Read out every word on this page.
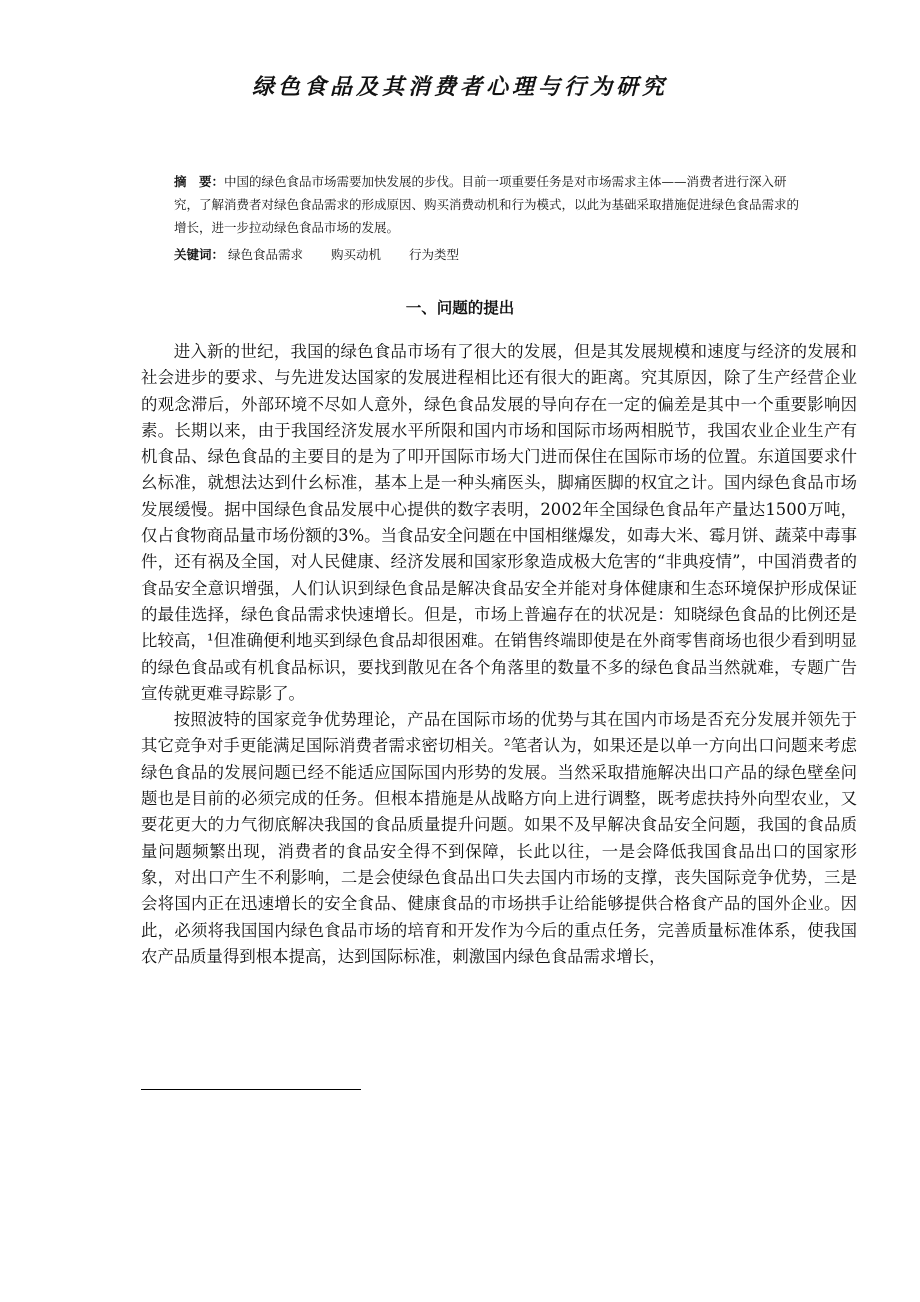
绿色食品及其消费者心理与行为研究
摘　要：中国的绿色食品市场需要加快发展的步伐。目前一项重要任务是对市场需求主体——消费者进行深入研究，了解消费者对绿色食品需求的形成原因、购买消费动机和行为模式，以此为基础采取措施促进绿色食品需求的增长，进一步拉动绿色食品市场的发展。
关键词： 绿色食品需求 购买动机 行为类型
一、问题的提出

进入新的世纪，我国的绿色食品市场有了很大的发展，但是其发展规模和速度与经济的发展和社会进步的要求、与先进发达国家的发展进程相比还有很大的距离。究其原因，除了生产经营企业的观念滞后，外部环境不尽如人意外，绿色食品发展的导向存在一定的偏差是其中一个重要影响因素。长期以来，由于我国经济发展水平所限和国内市场和国际市场两相脱节，我国农业企业生产有机食品、绿色食品的主要目的是为了叩开国际市场大门进而保住在国际市场的位置。东道国要求什幺标准，就想法达到什幺标准，基本上是一种头痛医头，脚痛医脚的权宜之计。国内绿色食品市场发展缓慢。据中国绿色食品发展中心提供的数字表明，2002年全国绿色食品年产量达1500万吨，仅占食物商品量市场份额的3%。当食品安全问题在中国相继爆发，如毒大米、霉月饼、蔬菜中毒事件，还有祸及全国，对人民健康、经济发展和国家形象造成极大危害的“非典疫情”，中国消费者的食品安全意识增强，人们认识到绿色食品是解决食品安全并能对身体健康和生态环境保护形成保证的最佳选择，绿色食品需求快速增长。但是，市场上普遍存在的状况是：知晓绿色食品的比例还是比较高，¹但准确便利地买到绿色食品却很困难。在销售终端即使是在外商零售商场也很少看到明显的绿色食品或有机食品标识，要找到散见在各个角落里的数量不多的绿色食品当然就难，专题广告宣传就更难寻踪影了。

按照波特的国家竞争优势理论，产品在国际市场的优势与其在国内市场是否充分发展并领先于其它竞争对手更能满足国际消费者需求密切相关。²笔者认为，如果还是以单一方向出口问题来考虑绿色食品的发展问题已经不能适应国际国内形势的发展。当然采取措施解决出口产品的绿色壁垒问题也是目前的必须完成的任务。但根本措施是从战略方向上进行调整，既考虑扶持外向型农业，又要花更大的力气彻底解决我国的食品质量提升问题。如果不及早解决食品安全问题，我国的食品质量问题频繁出现，消费者的食品安全得不到保障，长此以往，一是会降低我国食品出口的国家形象，对出口产生不利影响，二是会使绿色食品出口失去国内市场的支撑，丧失国际竞争优势，三是会将国内正在迅速增长的安全食品、健康食品的市场拱手让给能够提供合格食产品的国外企业。因此，必须将我国国内绿色食品市场的培育和开发作为今后的重点任务，完善质量标准体系，使我国农产品质量得到根本提高，达到国际标准，刺激国内绿色食品需求增长，
